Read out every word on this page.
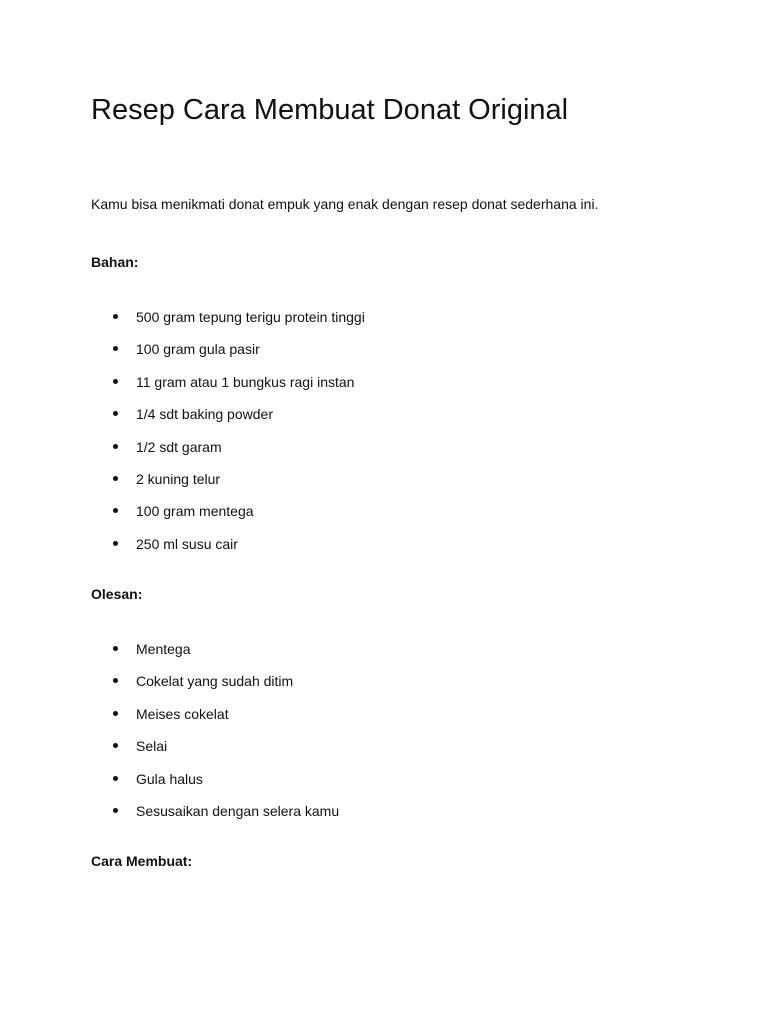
Resep Cara Membuat Donat Original

Kamu bisa menikmati donat empuk yang enak dengan resep donat sederhana ini.

Bahan:
500 gram tepung terigu protein tinggi
100 gram gula pasir
11 gram atau 1 bungkus ragi instan
1/4 sdt baking powder
1/2 sdt garam
2 kuning telur
100 gram mentega
250 ml susu cair
Olesan:
Mentega
Cokelat yang sudah ditim
Meises cokelat
Selai
Gula halus
Sesusaikan dengan selera kamu
Cara Membuat:
